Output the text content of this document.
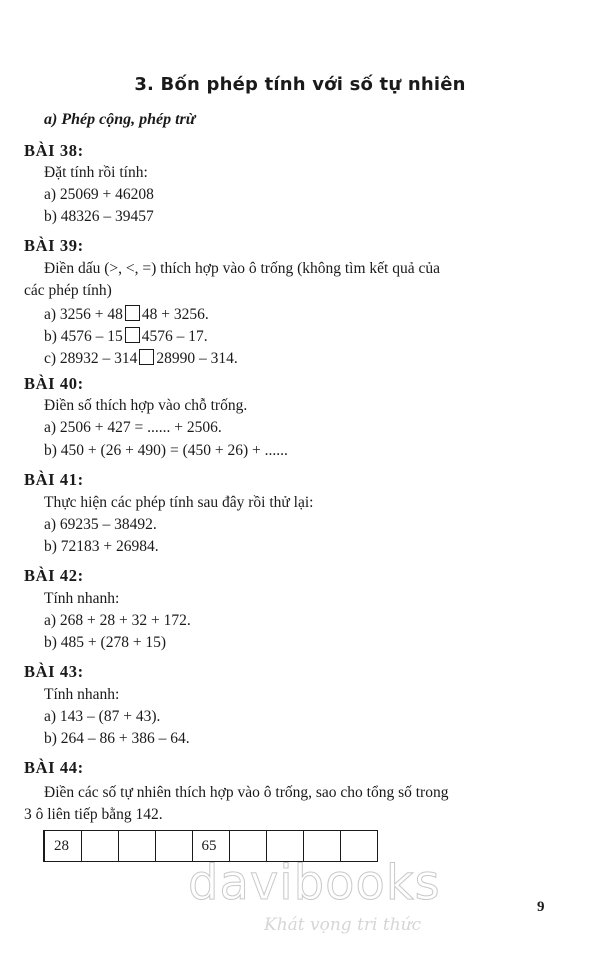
3. Bốn phép tính với số tự nhiên
a) Phép cộng, phép trừ
BÀI 38:
Đặt tính rồi tính:
a) 25069 + 46208
b) 48326 – 39457
BÀI 39:
Điền dấu (>, <, =) thích hợp vào ô trống (không tìm kết quả của
các phép tính)
a) 3256 + 48 48 + 3256.
b) 4576 – 15 4576 – 17.
c) 28932 – 314 28990 – 314.
BÀI 40:
Điền số thích hợp vào chỗ trống.
a) 2506 + 427 = ...... + 2506.
b) 450 + (26 + 490) = (450 + 26) + ......
BÀI 41:
Thực hiện các phép tính sau đây rồi thử lại:
a) 69235 – 38492.
b) 72183 + 26984.
BÀI 42:
Tính nhanh:
a) 268 + 28 + 32 + 172.
b) 485 + (278 + 15)
BÀI 43:
Tính nhanh:
a) 143 – (87 + 43).
b) 264 – 86 + 386 – 64.
BÀI 44:
Điền các số tự nhiên thích hợp vào ô trống, sao cho tổng số trong
3 ô liên tiếp bằng 142.
28				65				
davibooks
Khát vọng tri thức
9
